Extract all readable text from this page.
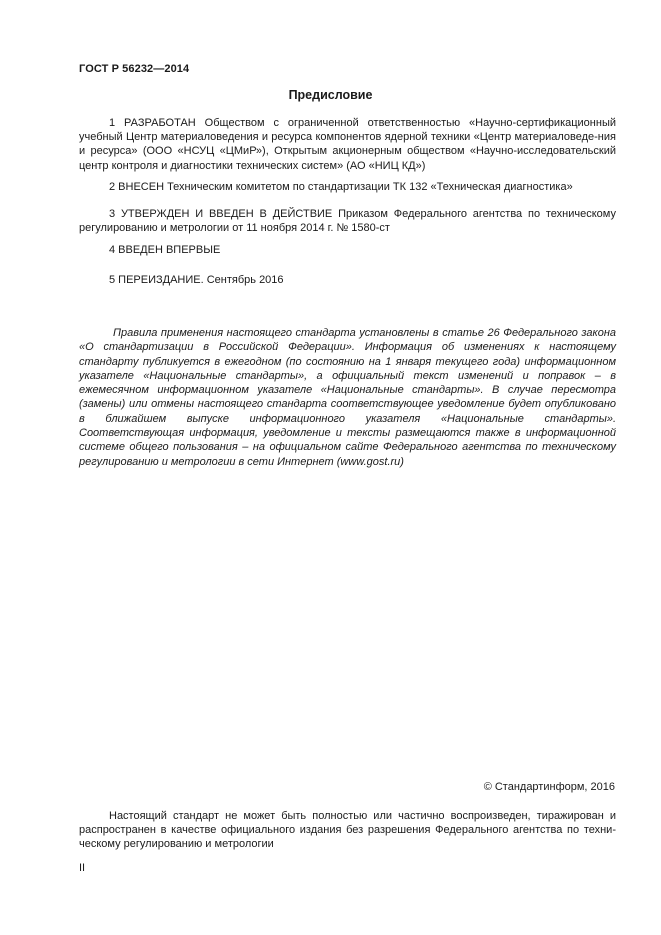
ГОСТ Р 56232—2014
Предисловие

1 РАЗРАБОТАН Обществом с ограниченной ответственностью «Научно-сертификационный учебный Центр материаловедения и ресурса компонентов ядерной техники «Центр материаловеде-ния и ресурса» (ООО «НСУЦ «ЦМиР»), Открытым акционерным обществом «Научно-исследовательский центр контроля и диагностики технических систем» (АО «НИЦ КД»)

2 ВНЕСЕН Техническим комитетом по стандартизации ТК 132 «Техническая диагностика»

3 УТВЕРЖДЕН И ВВЕДЕН В ДЕЙСТВИЕ Приказом Федерального агентства по техническому регулированию и метрологии от 11 ноября 2014 г. № 1580-ст

4 ВВЕДЕН ВПЕРВЫЕ

5 ПЕРЕИЗДАНИЕ. Сентябрь 2016

Правила применения настоящего стандарта установлены в статье 26 Федерального закона «О стандартизации в Российской Федерации». Информация об изменениях к настоящему стандарту публикуется в ежегодном (по состоянию на 1 января текущего года) информационном указателе «Национальные стандарты», а официальный текст изменений и поправок – в ежемесячном информационном указателе «Национальные стандарты». В случае пересмотра (замены) или отмены настоящего стандарта соответствующее уведомление будет опубликовано в ближайшем выпуске информационного указателя «Национальные стандарты». Соответствующая информация, уведомление и тексты размещаются также в информационной системе общего пользования – на официальном сайте Федерального агентства по техническому регулированию и метрологии в сети Интернет (www.gost.ru)

© Стандартинформ, 2016

Настоящий стандарт не может быть полностью или частично воспроизведен, тиражирован и распространен в качестве официального издания без разрешения Федерального агентства по техни-ческому регулированию и метрологии

II
